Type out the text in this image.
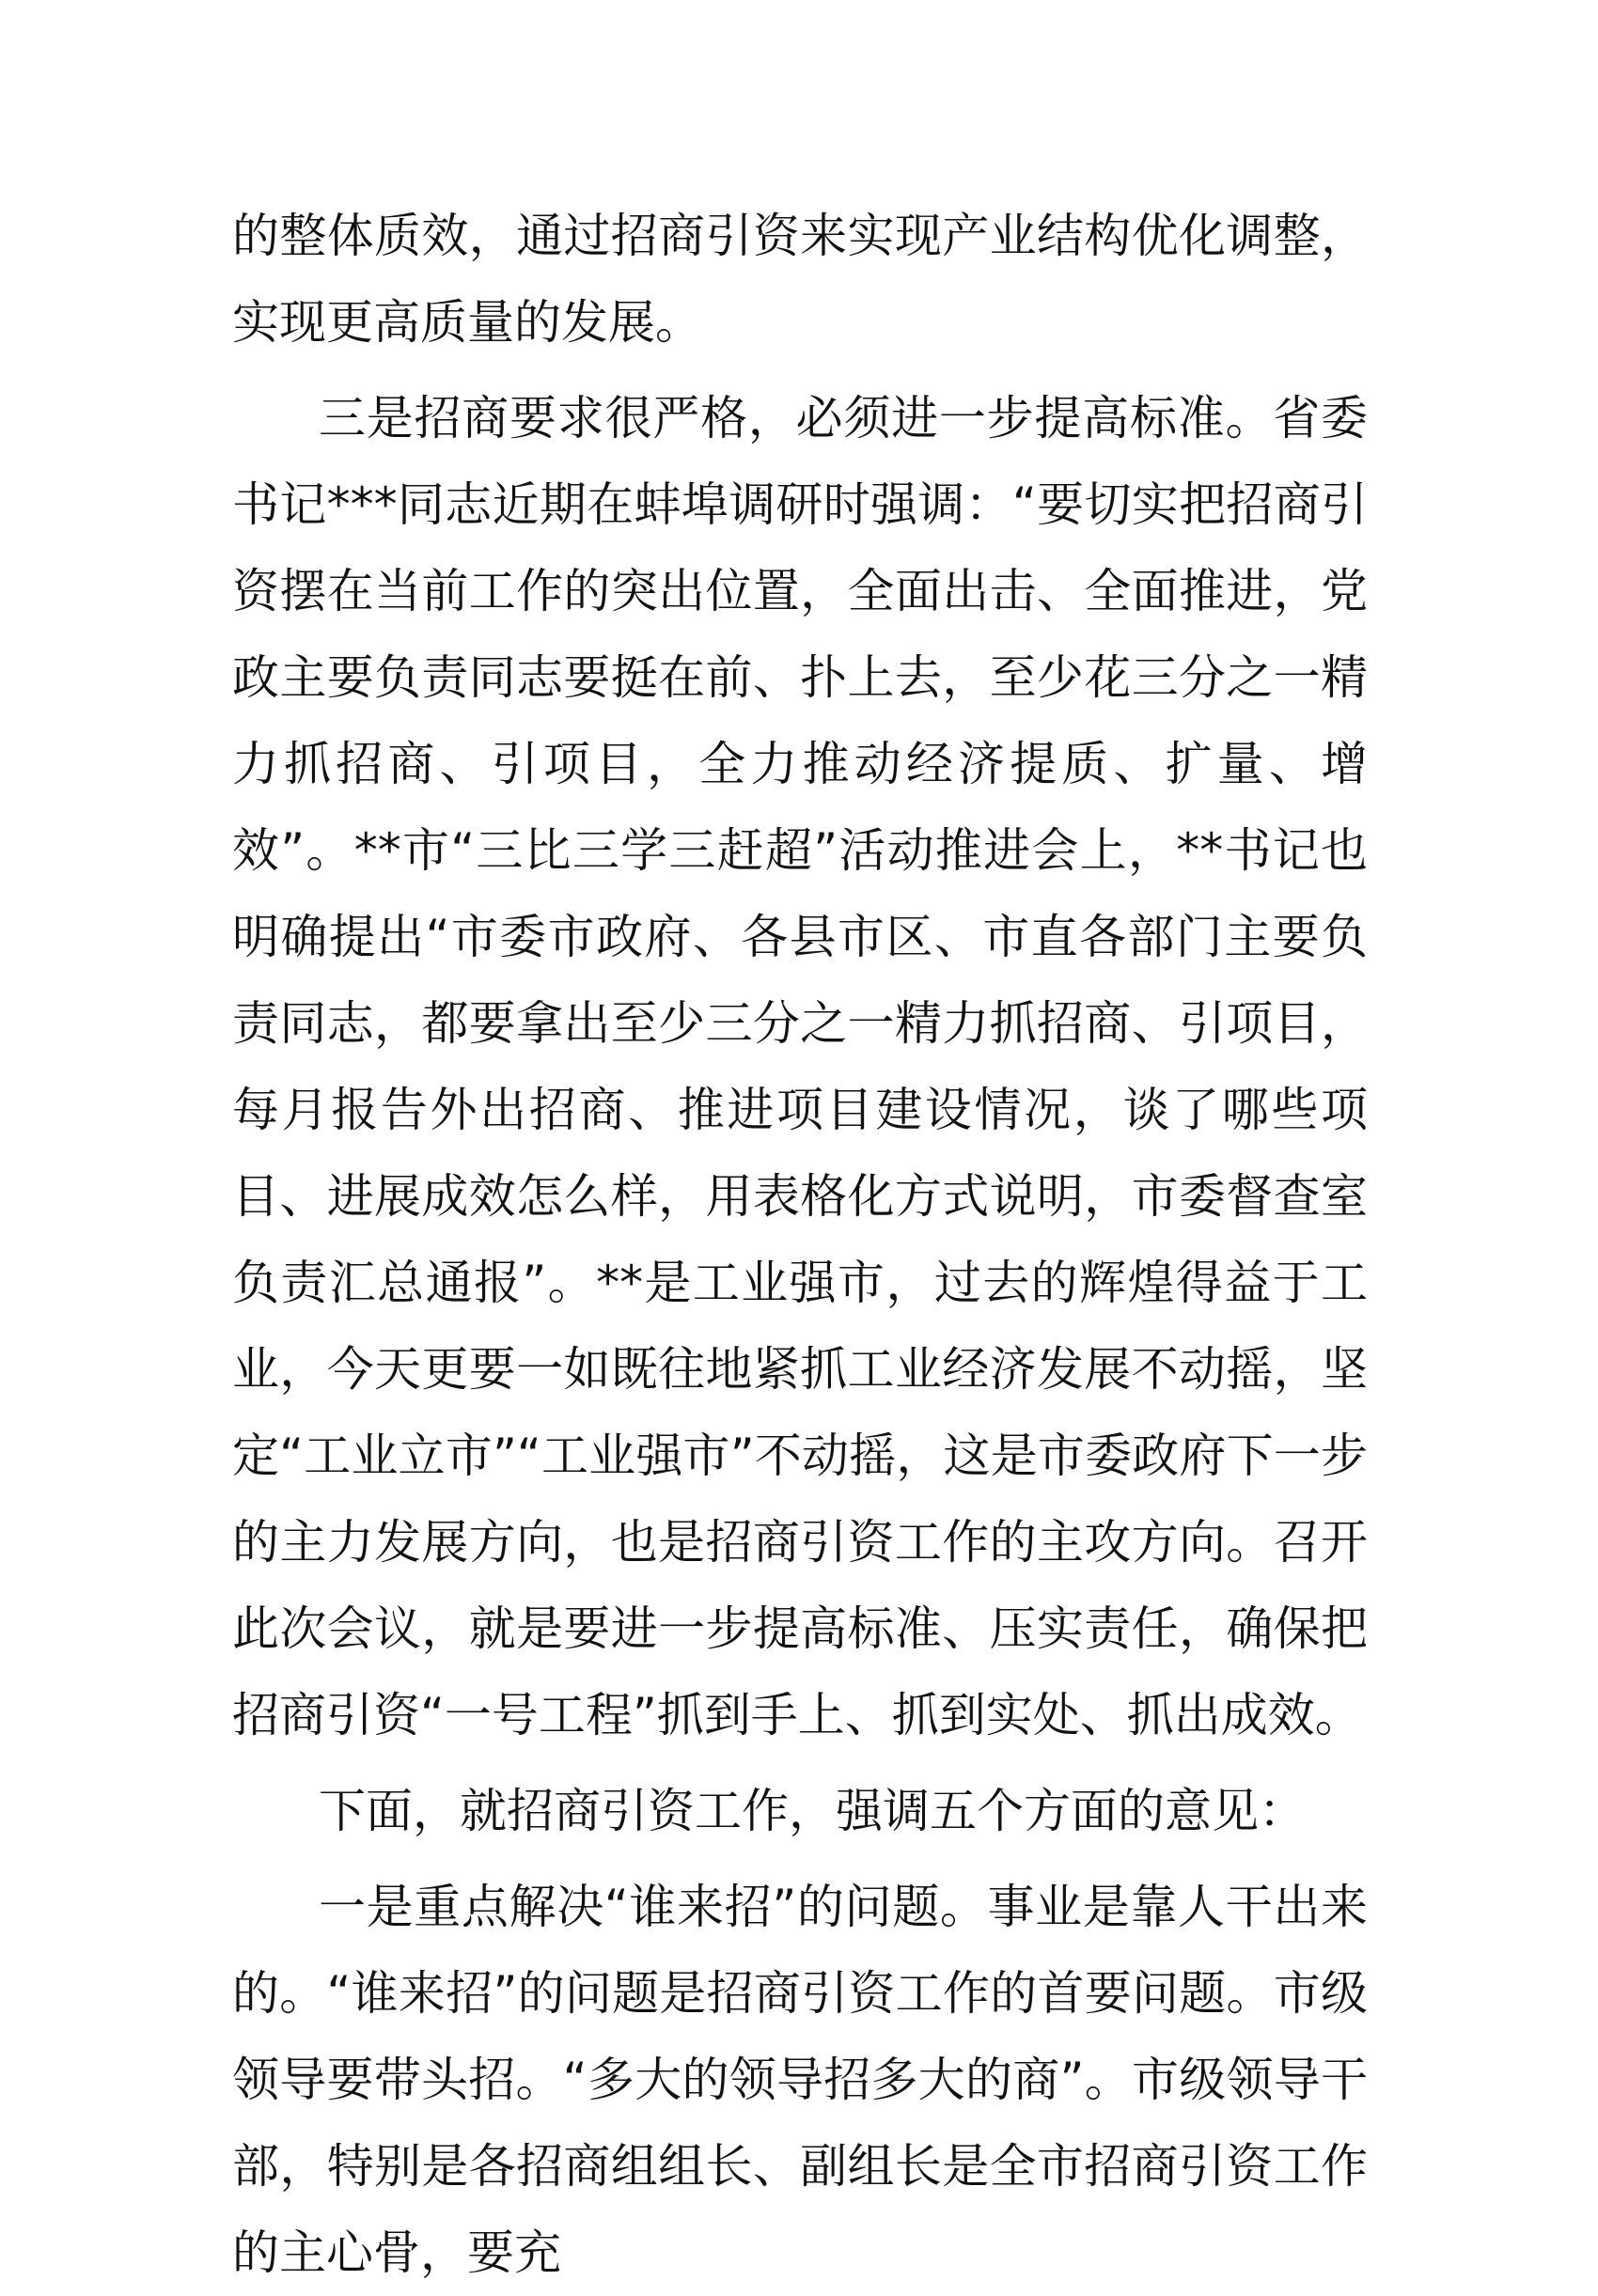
的整体质效，通过招商引资来实现产业结构优化调整，实现更高质量的发展。

三是招商要求很严格，必须进一步提高标准。省委书记***同志近期在蚌埠调研时强调：“要切实把招商引资摆在当前工作的突出位置，全面出击、全面推进，党政主要负责同志要挺在前、扑上去，至少花三分之一精力抓招商、引项目，全力推动经济提质、扩量、增效”。**市“三比三学三赶超”活动推进会上，**书记也明确提出“市委市政府、各县市区、市直各部门主要负责同志，都要拿出至少三分之一精力抓招商、引项目，每月报告外出招商、推进项目建设情况，谈了哪些项目、进展成效怎么样，用表格化方式说明，市委督查室负责汇总通报”。**是工业强市，过去的辉煌得益于工业，今天更要一如既往地紧抓工业经济发展不动摇，坚定“工业立市”“工业强市”不动摇，这是市委政府下一步的主力发展方向，也是招商引资工作的主攻方向。召开此次会议，就是要进一步提高标准、压实责任，确保把招商引资“一号工程”抓到手上、抓到实处、抓出成效。

下面，就招商引资工作，强调五个方面的意见：

一是重点解决“谁来招”的问题。事业是靠人干出来的。“谁来招”的问题是招商引资工作的首要问题。市级领导要带头招。“多大的领导招多大的商”。市级领导干部，特别是各招商组组长、副组长是全市招商引资工作的主心骨，要充
